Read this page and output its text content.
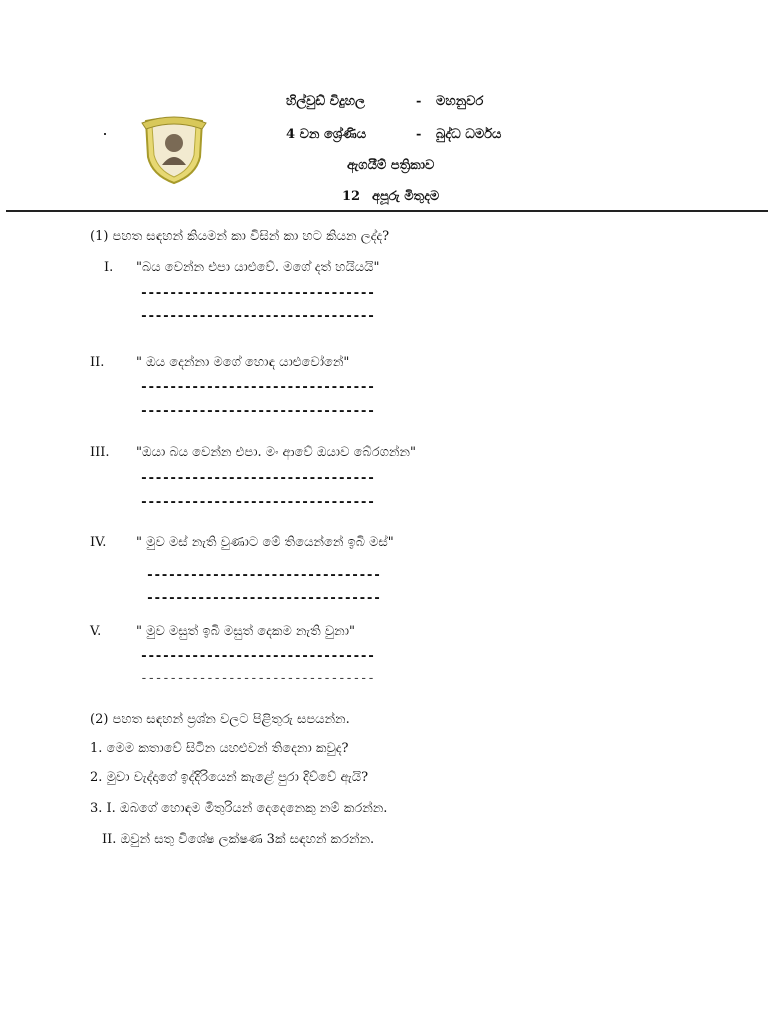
හිල්වුඩ් විදුහල	- මහනුවර
4 වන ශ්‍රේණිය	- බුද්ධ ධර්මය
ඇගයීම් පත්‍රිකාව
12 අපූරු මිතුදම
(1) පහත සඳහන් කියමන් කා විසින් කා හට කියන ලද්ද?
I. "බය වෙන්න එපා යාළුවේ. මගේ දත් හයියයි"
--------------------------------
--------------------------------
II. " ඔය දෙන්නා මගේ හොඳ යාළුවෝනේ"
--------------------------------
--------------------------------
III. "ඔයා බය වෙන්න එපා. මං ආවේ ඔයාව බේරගන්න"
--------------------------------
--------------------------------
IV. " මුව මස් නැති වුණාට මේ තියෙන්නේ ඉබි මස්"
--------------------------------
--------------------------------
V.	" මුව මසුත් ඉබි මසුත් දෙකම නැති වුනා"
--------------------------------
--------------------------------
(2) පහත සඳහන් ප්‍රශ්න වලට පිළිතුරු සපයන්න.
1. මෙම කතාවේ සිටින යහළුවන් තිදෙනා කවුද?
2. මුවා වැද්දාගේ ඉද්දිරියෙන් කැළේ පුරා දිව්වේ ඇයි?
3. I. ඔබගේ හොඳම මිතුරියන් දෙදෙනෙකු නම් කරන්න.
II. ඔවුන් සතු විශේෂ ලක්ෂණ 3ක් සඳහන් කරන්න.
